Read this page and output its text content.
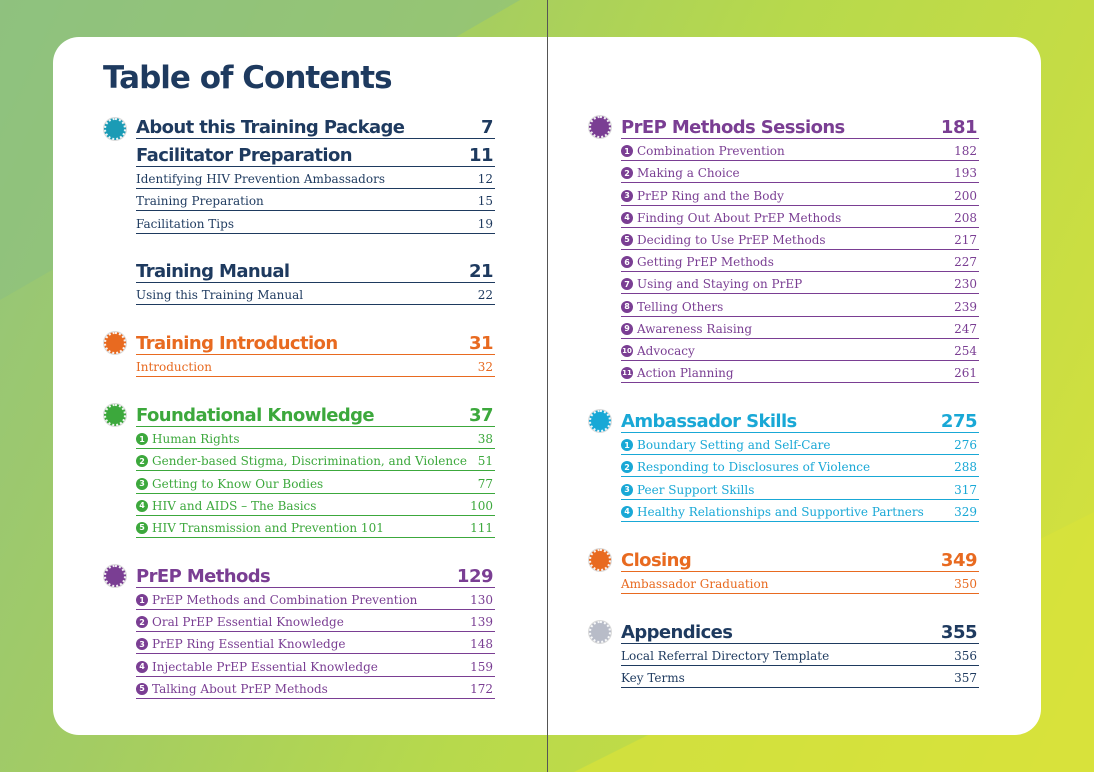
Table of Contents
About this Training Package	7
Facilitator Preparation	11
Identifying HIV Prevention Ambassadors	12
Training Preparation	15
Facilitation Tips	19
Training Manual	21
Using this Training Manual	22
Training Introduction	31
Introduction	32
Foundational Knowledge	37
1 Human Rights	38
2 Gender-based Stigma, Discrimination, and Violence 51
3 Getting to Know Our Bodies	77
4 HIV and AIDS – The Basics	100
5 HIV Transmission and Prevention 101	111
PrEP Methods	129
1 PrEP Methods and Combination Prevention	130
2 Oral PrEP Essential Knowledge	139
3 PrEP Ring Essential Knowledge	148
4 Injectable PrEP Essential Knowledge	159
5 Talking About PrEP Methods	172
PrEP Methods Sessions	181
1 Combination Prevention	182
2 Making a Choice	193
3 PrEP Ring and the Body	200
4 Finding Out About PrEP Methods	208
5 Deciding to Use PrEP Methods	217
6 Getting PrEP Methods	227
7 Using and Staying on PrEP	230
8 Telling Others	239
9 Awareness Raising	247
10 Advocacy	254
11 Action Planning	261
Ambassador Skills	275
1 Boundary Setting and Self-Care	276
2 Responding to Disclosures of Violence	288
3 Peer Support Skills	317
4 Healthy Relationships and Supportive Partners	329
Closing	349
Ambassador Graduation	350
Appendices	355
Local Referral Directory Template	356
Key Terms	357
